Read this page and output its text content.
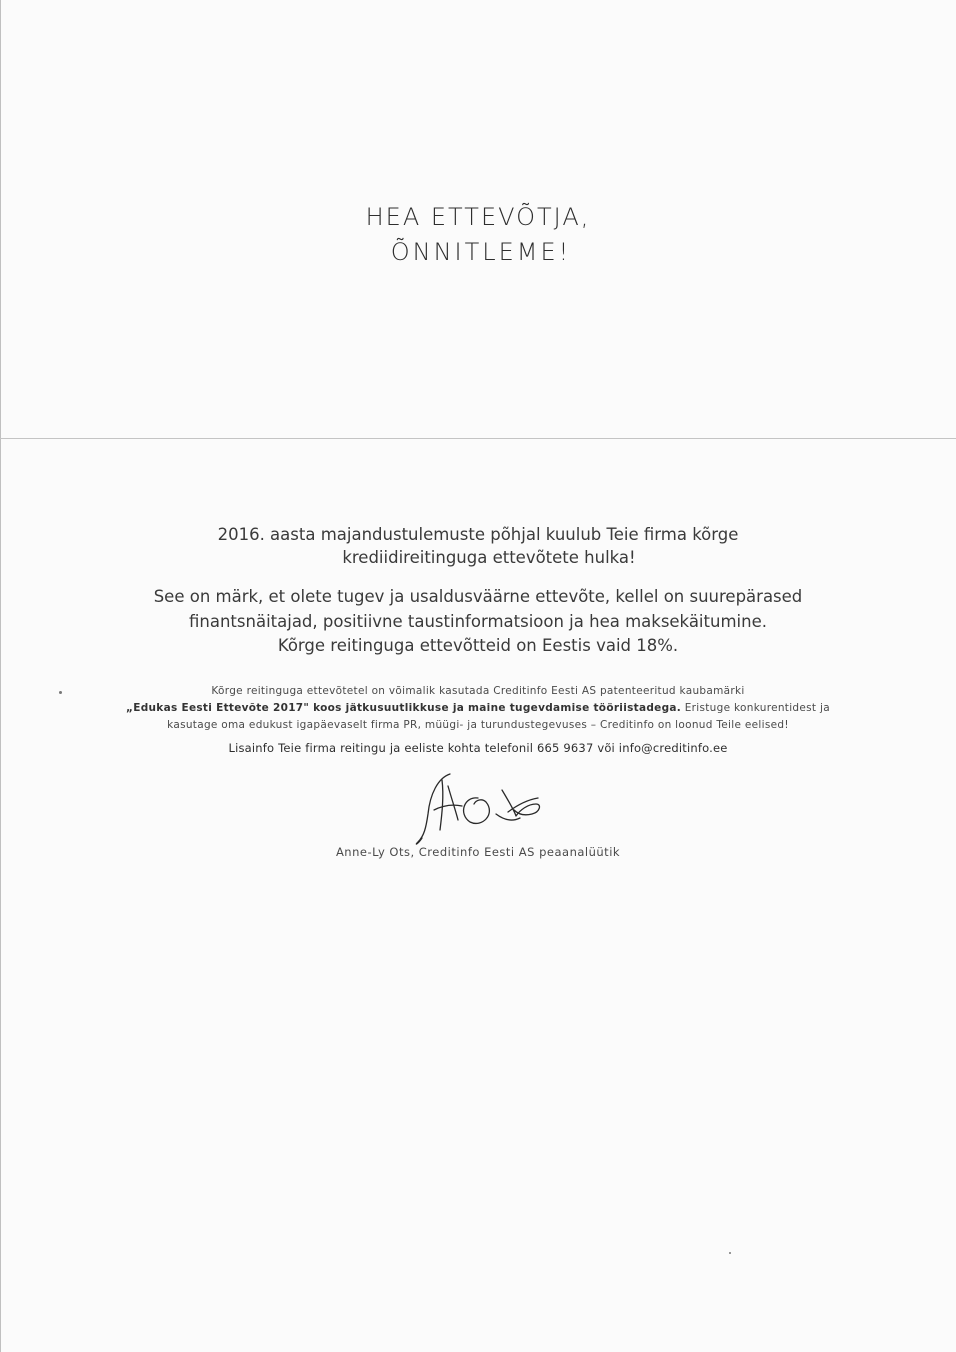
HEA ETTEVÕTJA,
ÕNNITLEME!
2016. aasta majandustulemuste põhjal kuulub Teie firma kõrge
krediidireitinguga ettevõtete hulka!
See on märk, et olete tugev ja usaldusväärne ettevõte, kellel on suurepärased
finantsnäitajad, positiivne taustinformatsioon ja hea maksekäitumine.
Kõrge reitinguga ettevõtteid on Eestis vaid 18%.
Kõrge reitinguga ettevõtetel on võimalik kasutada Creditinfo Eesti AS patenteeritud kaubamärki
„Edukas Eesti Ettevõte 2017" koos jätkusuutlikkuse ja maine tugevdamise tööriistadega. Eristuge konkurentidest ja
kasutage oma edukust igapäevaselt firma PR, müügi- ja turundustegevuses – Creditinfo on loonud Teile eelised!
Lisainfo Teie firma reitingu ja eeliste kohta telefonil 665 9637 või info@creditinfo.ee
Anne-Ly Ots, Creditinfo Eesti AS peaanalüütik
